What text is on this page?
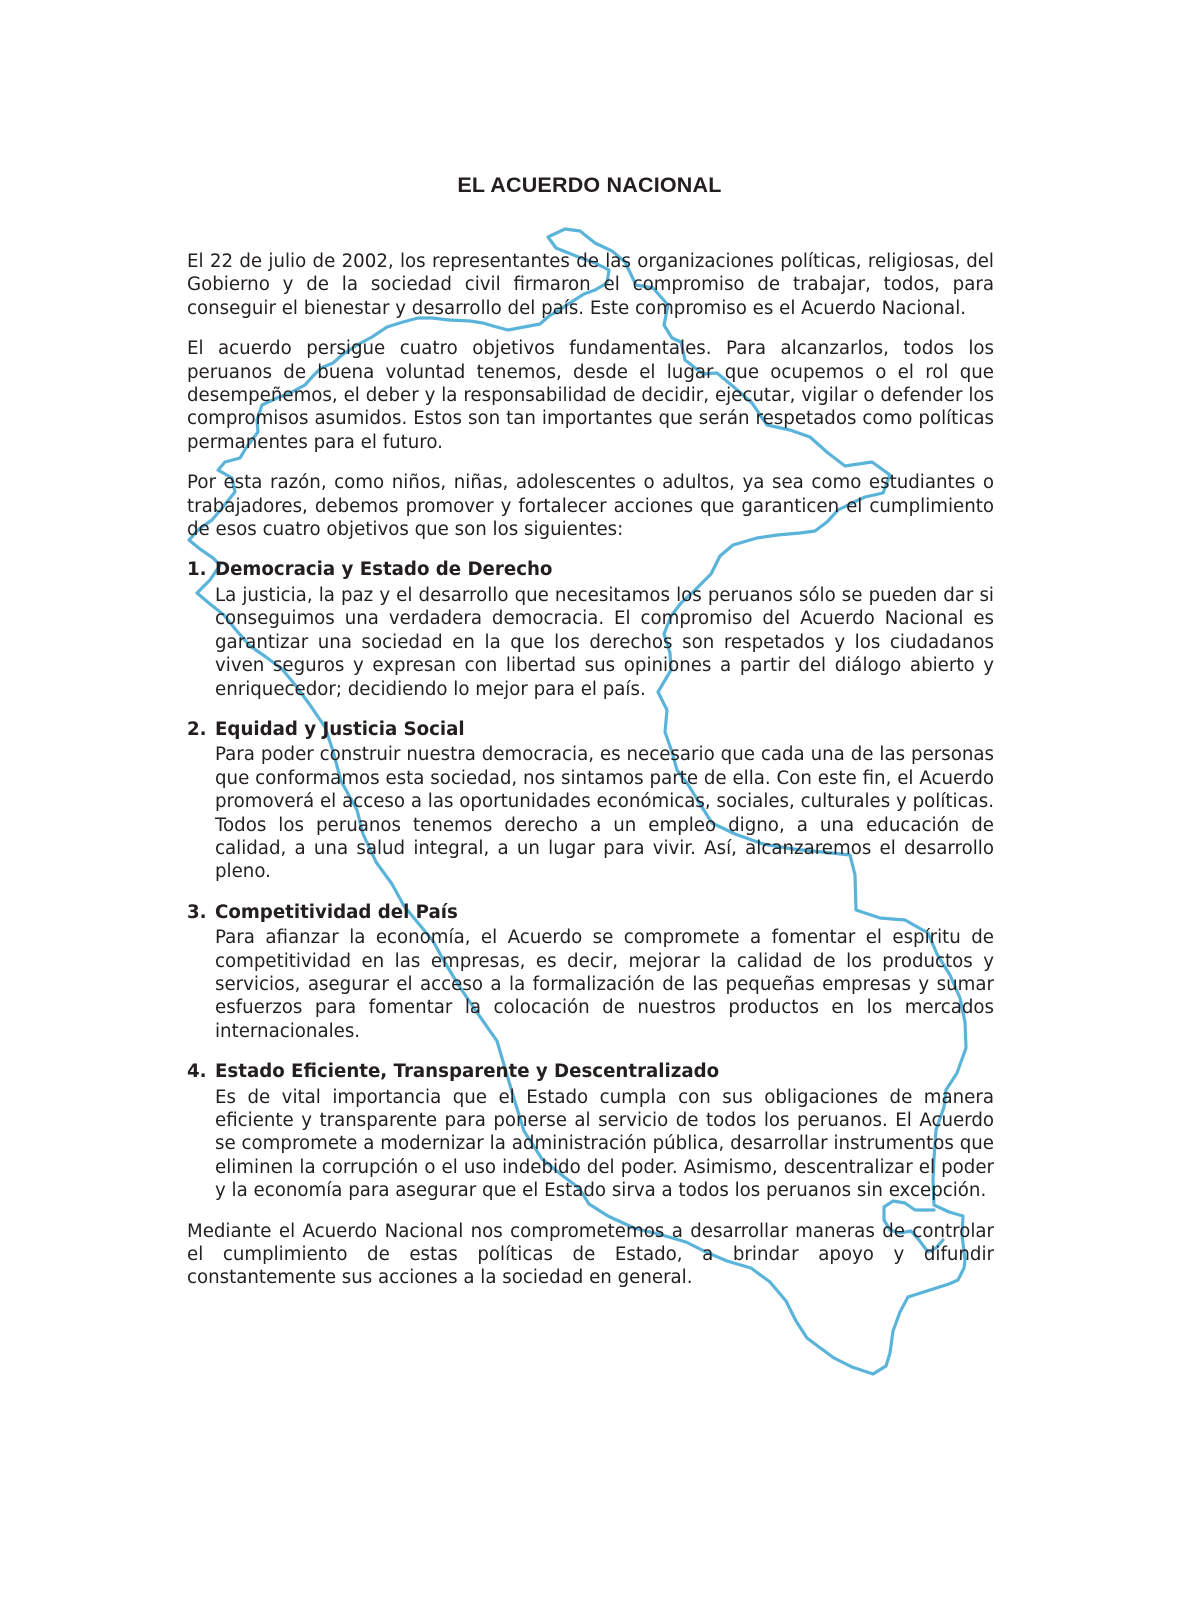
EL ACUERDO NACIONAL

El 22 de julio de 2002, los representantes de las organizaciones políticas, religiosas, del Gobierno y de la sociedad civil firmaron el compromiso de trabajar, todos, para conseguir el bienestar y desarrollo del país. Este compromiso es el Acuerdo Nacional.

El acuerdo persigue cuatro objetivos fundamentales. Para alcanzarlos, todos los peruanos de buena voluntad tenemos, desde el lugar que ocupemos o el rol que desempeñemos, el deber y la responsabilidad de decidir, ejecutar, vigilar o defender los compromisos asumidos. Estos son tan importantes que serán respetados como políticas permanentes para el futuro.

Por esta razón, como niños, niñas, adolescentes o adultos, ya sea como estudiantes o trabajadores, debemos promover y fortalecer acciones que garanticen el cumplimiento de esos cuatro objetivos que son los siguientes:

1. Democracia y Estado de Derecho
La justicia, la paz y el desarrollo que necesitamos los peruanos sólo se pueden dar si conseguimos una verdadera democracia. El compromiso del Acuerdo Nacional es garantizar una sociedad en la que los derechos son respetados y los ciudadanos viven seguros y expresan con libertad sus opiniones a partir del diálogo abierto y enriquecedor; decidiendo lo mejor para el país.
2. Equidad y Justicia Social
Para poder construir nuestra democracia, es necesario que cada una de las personas que conformamos esta sociedad, nos sintamos parte de ella. Con este fin, el Acuerdo promoverá el acceso a las oportunidades económicas, sociales, culturales y políticas. Todos los peruanos tenemos derecho a un empleo digno, a una educación de calidad, a una salud integral, a un lugar para vivir. Así, alcanzaremos el desarrollo pleno.
3. Competitividad del País
Para afianzar la economía, el Acuerdo se compromete a fomentar el espíritu de competitividad en las empresas, es decir, mejorar la calidad de los productos y servicios, asegurar el acceso a la formalización de las pequeñas empresas y sumar esfuerzos para fomentar la colocación de nuestros productos en los mercados internacionales.
4. Estado Eficiente, Transparente y Descentralizado
Es de vital importancia que el Estado cumpla con sus obligaciones de manera eficiente y transparente para ponerse al servicio de todos los peruanos. El Acuerdo se compromete a modernizar la administración pública, desarrollar instrumentos que eliminen la corrupción o el uso indebido del poder. Asimismo, descentralizar el poder y la economía para asegurar que el Estado sirva a todos los peruanos sin excepción.

Mediante el Acuerdo Nacional nos comprometemos a desarrollar maneras de controlar el cumplimiento de estas políticas de Estado, a brindar apoyo y difundir constantemente sus acciones a la sociedad en general.
